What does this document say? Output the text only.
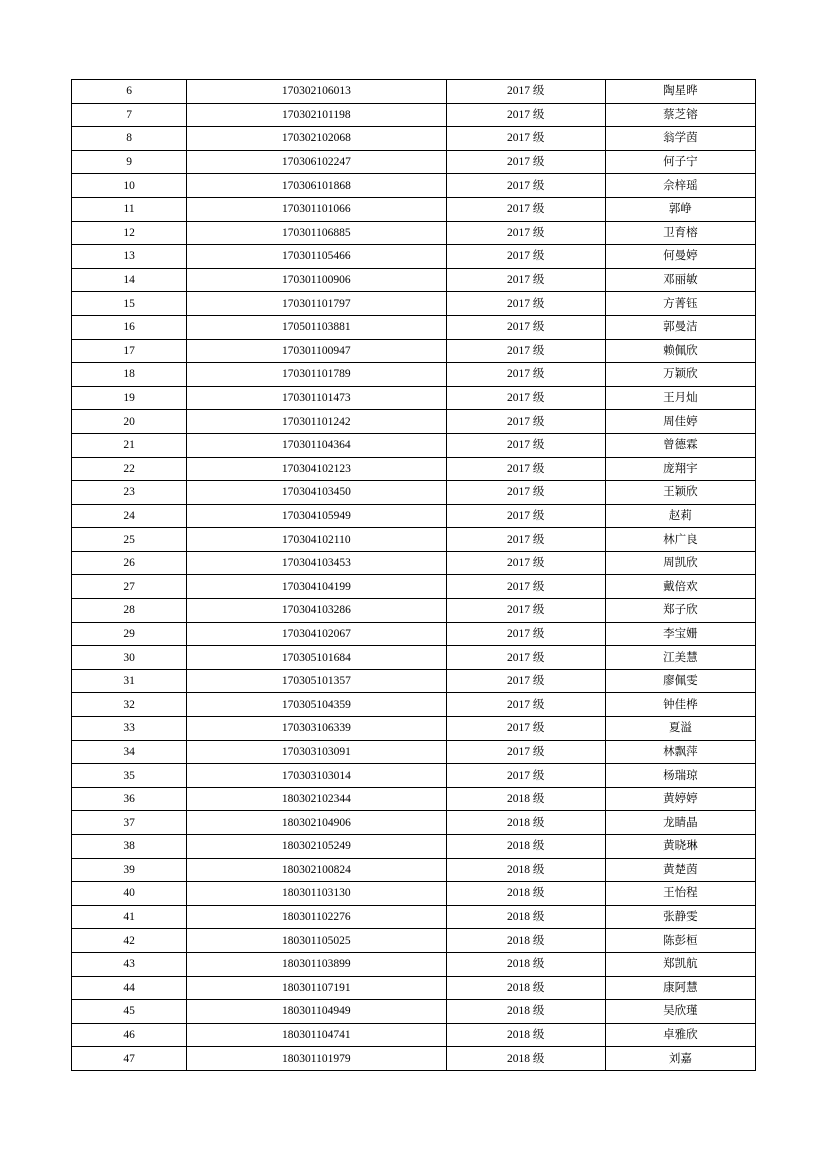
6	170302106013	2017 级	陶星晔
7	170302101198	2017 级	蔡芝镕
8	170302102068	2017 级	翁学茵
9	170306102247	2017 级	何子宁
10	170306101868	2017 级	佘梓瑶
11	170301101066	2017 级	郭峥
12	170301106885	2017 级	卫育榕
13	170301105466	2017 级	何曼婷
14	170301100906	2017 级	邓丽敏
15	170301101797	2017 级	方菁钰
16	170501103881	2017 级	郭曼洁
17	170301100947	2017 级	赖佩欣
18	170301101789	2017 级	万颖欣
19	170301101473	2017 级	王月灿
20	170301101242	2017 级	周佳婷
21	170301104364	2017 级	曾德霖
22	170304102123	2017 级	庞翔宇
23	170304103450	2017 级	王颖欣
24	170304105949	2017 级	赵莉
25	170304102110	2017 级	林广良
26	170304103453	2017 级	周凯欣
27	170304104199	2017 级	戴倍欢
28	170304103286	2017 级	郑子欣
29	170304102067	2017 级	李宝姗
30	170305101684	2017 级	江美慧
31	170305101357	2017 级	廖佩雯
32	170305104359	2017 级	钟佳桦
33	170303106339	2017 级	夏溢
34	170303103091	2017 级	林飘萍
35	170303103014	2017 级	杨瑞琼
36	180302102344	2018 级	黄婷婷
37	180302104906	2018 级	龙睛晶
38	180302105249	2018 级	黄晓琳
39	180302100824	2018 级	黄楚茵
40	180301103130	2018 级	王怡程
41	180301102276	2018 级	张静雯
42	180301105025	2018 级	陈彭桓
43	180301103899	2018 级	郑凯航
44	180301107191	2018 级	康阿慧
45	180301104949	2018 级	吴欣瑾
46	180301104741	2018 级	卓雅欣
47	180301101979	2018 级	刘嘉
